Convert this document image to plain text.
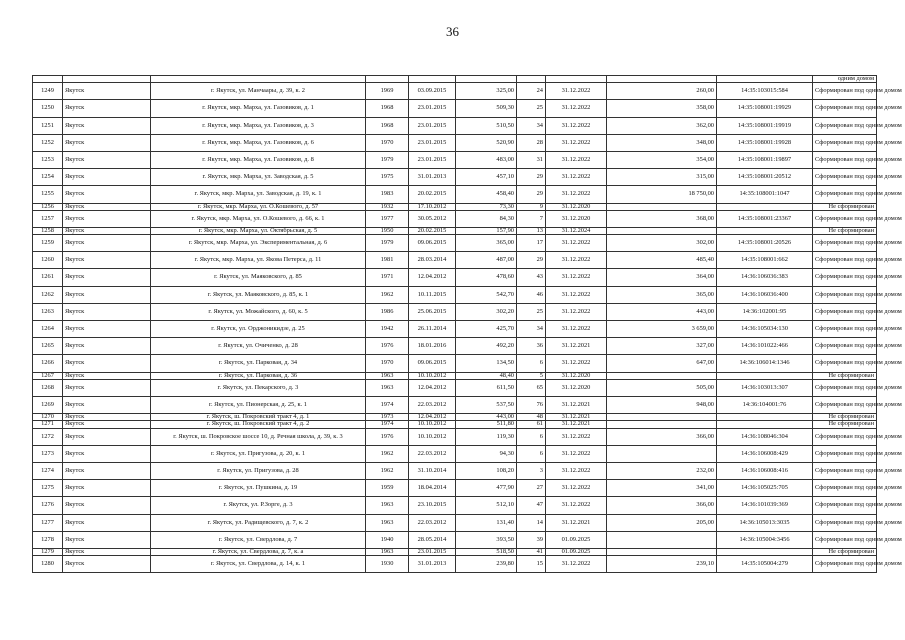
36
										одним домом
1249	Якутск	г. Якутск, ул. Манчаары, д. 39, к. 2	1969	03.09.2015	325,00	24	31.12.2022	260,00	14:35:103015:584	Сформирован под одним домом
1250	Якутск	г. Якутск, мкр. Марха, ул. Газовиков, д. 1	1968	23.01.2015	509,30	25	31.12.2022	358,00	14:35:108001:19929	Сформирован под одним домом
1251	Якутск	г. Якутск, мкр. Марха, ул. Газовиков, д. 3	1968	23.01.2015	510,50	34	31.12.2022	362,00	14:35:108001:19919	Сформирован под одним домом
1252	Якутск	г. Якутск, мкр. Марха, ул. Газовиков, д. 6	1970	23.01.2015	520,90	28	31.12.2022	348,00	14:35:108001:19928	Сформирован под одним домом
1253	Якутск	г. Якутск, мкр. Марха, ул. Газовиков, д. 8	1979	23.01.2015	483,00	31	31.12.2022	354,00	14:35:108001:19897	Сформирован под одним домом
1254	Якутск	г. Якутск, мкр. Марха, ул. Заводская, д. 5	1975	31.01.2013	457,10	29	31.12.2022	315,00	14:35:108001:20512	Сформирован под одним домом
1255	Якутск	г. Якутск, мкр. Марха, ул. Заводская, д. 19, к. 1	1983	20.02.2015	458,40	29	31.12.2022	18 750,00	14:35:108001:1047	Сформирован под одним домом
1256	Якутск	г. Якутск, мкр. Марха, ул. О.Кошевого, д. 57	1932	17.10.2012	73,30	9	31.12.2020			Не сформирован
1257	Якутск	г. Якутск, мкр. Марха, ул. О.Кошевого, д. 66, к. 1	1977	30.05.2012	84,30	7	31.12.2020	368,00	14:35:108001:23367	Сформирован под одним домом
1258	Якутск	г. Якутск, мкр. Марха, ул. Октябрьская, д. 5	1950	20.02.2015	157,90	13	31.12.2024			Не сформирован
1259	Якутск	г. Якутск, мкр. Марха, ул. Экспериментальная, д. 6	1979	09.06.2015	365,00	17	31.12.2022	302,00	14:35:108001:20526	Сформирован под одним домом
1260	Якутск	г. Якутск, мкр. Марха, ул. Якова Петерса, д. 11	1981	28.03.2014	487,00	29	31.12.2022	485,40	14:35:108001:662	Сформирован под одним домом
1261	Якутск	г. Якутск, ул. Маяковского, д. 85	1971	12.04.2012	478,60	43	31.12.2022	364,00	14:36:106036:383	Сформирован под одним домом
1262	Якутск	г. Якутск, ул. Маяковского, д. 85, к. 1	1962	10.11.2015	542,70	46	31.12.2022	365,00	14:36:106036:400	Сформирован под одним домом
1263	Якутск	г. Якутск, ул. Можайского, д. 60, к. 5	1986	25.06.2015	302,20	25	31.12.2022	443,00	14:36:102001:95	Сформирован под одним домом
1264	Якутск	г. Якутск, ул. Орджоникидзе, д. 25	1942	26.11.2014	425,70	34	31.12.2022	3 659,00	14:36:105034:130	Сформирован под одним домом
1265	Якутск	г. Якутск, ул. Очиченко, д. 28	1976	18.01.2016	492,20	36	31.12.2021	327,00	14:36:101022:466	Сформирован под одним домом
1266	Якутск	г. Якутск, ул. Парковая, д. 34	1970	09.06.2015	134,50	6	31.12.2022	647,00	14:36:106014:1346	Сформирован под одним домом
1267	Якутск	г. Якутск, ул. Парковая, д. 36	1963	10.10.2012	48,40	5	31.12.2020			Не сформирован
1268	Якутск	г. Якутск, ул. Пекарского, д. 3	1963	12.04.2012	611,50	65	31.12.2020	505,00	14:36:103013:307	Сформирован под одним домом
1269	Якутск	г. Якутск, ул. Пионерская, д. 25, к. 1	1974	22.03.2012	537,50	76	31.12.2021	948,00	14:36:104001:76	Сформирован под одним домом
1270	Якутск	г. Якутск, ш. Покровский тракт 4, д. 1	1973	12.04.2012	443,00	48	31.12.2021			Не сформирован
1271	Якутск	г. Якутск, ш. Покровский тракт 4, д. 2	1974	10.10.2012	511,80	61	31.12.2021			Не сформирован
1272	Якутск	г. Якутск, ш. Покровское шоссе 10, д. Речная школа, д. 39, к. 3	1976	10.10.2012	119,30	6	31.12.2022	366,00	14:36:108046:304	Сформирован под одним домом
1273	Якутск	г. Якутск, ул. Пригузова, д. 20, к. 1	1962	22.03.2012	94,30	6	31.12.2022		14:36:106008:429	Сформирован под одним домом
1274	Якутск	г. Якутск, ул. Пригузова, д. 28	1962	31.10.2014	108,20	3	31.12.2022	232,00	14:36:106008:416	Сформирован под одним домом
1275	Якутск	г. Якутск, ул. Пушкина, д. 19	1959	18.04.2014	477,90	27	31.12.2022	341,00	14:36:105025:705	Сформирован под одним домом
1276	Якутск	г. Якутск, ул. Р.Зорге, д. 3	1963	23.10.2015	512,10	47	31.12.2022	366,00	14:36:101039:369	Сформирован под одним домом
1277	Якутск	г. Якутск, ул. Радищевского, д. 7, к. 2	1963	22.03.2012	131,40	14	31.12.2021	205,00	14:36:105013:3035	Сформирован под одним домом
1278	Якутск	г. Якутск, ул. Свердлова, д. 7	1940	28.05.2014	393,50	39	01.09.2025		14:36:105004:3456	Сформирован под одним домом
1279	Якутск	г. Якутск, ул. Свердлова, д. 7, к. а	1963	23.01.2015	518,50	41	01.09.2025			Не сформирован
1280	Якутск	г. Якутск, ул. Свердлова, д. 14, к. 1	1930	31.01.2013	239,80	15	31.12.2022	239,10	14:35:105004:279	Сформирован под одним домом
